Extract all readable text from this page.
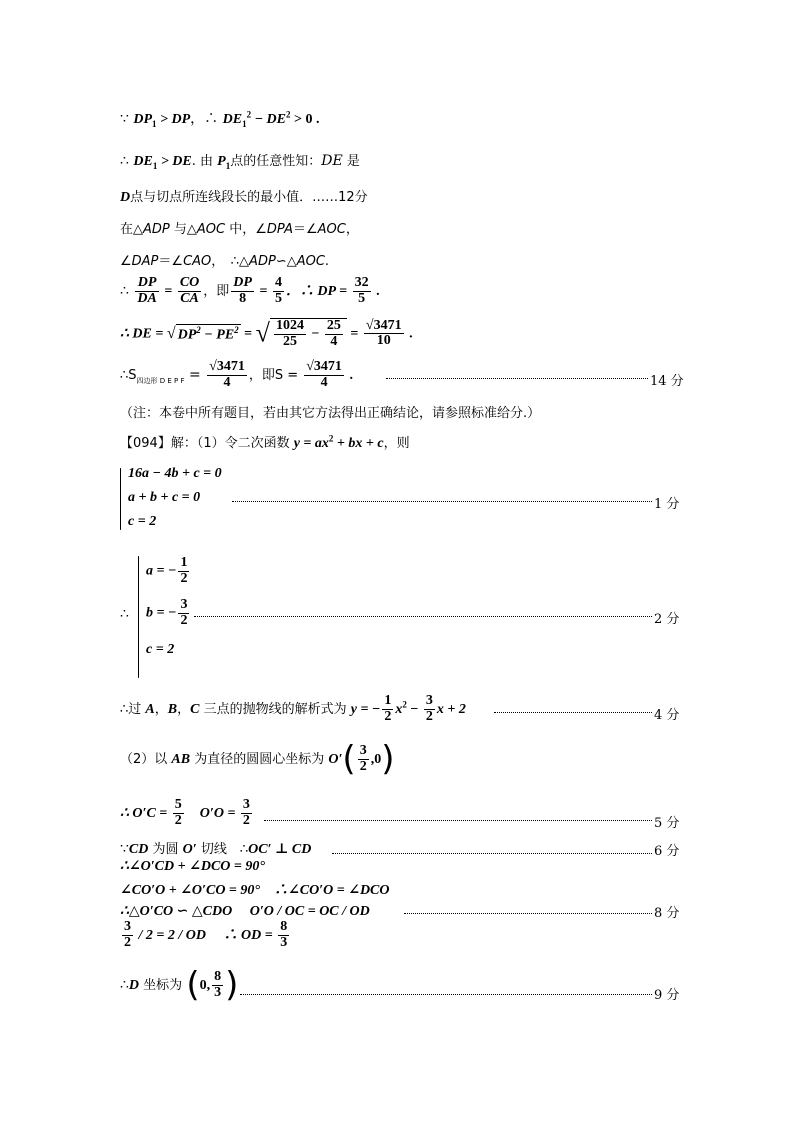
∵ $DP_1$ > DP，∴ $DE_1^2 - DE^2 > 0$ .
∴ $DE_1$ > DE. 由 $P_1$点的任意性知：DE 是
D点与切点所连线段长的最小值．……12分
在△ADP 与△AOC 中，∠DPA＝∠AOC，
∠DAP＝∠CAO，　∴△ADP∽△AOC.
∴ $\frac{DP}{DA} = \frac{CO}{CA}$ ，即 $\frac{DP}{8} = \frac{4}{5}$ ．∴ DP = $\frac{32}{5}$ .
∴ DE = √ $DP^2 - PE^2$ = √ $\frac{1024}{25} - \frac{25}{4} = \frac{√3471}{10}$ .
$\therefore S_{四边形 D E P F} = \frac{√3471}{4}$ ，即$S = \frac{√3471}{4}$ .	14 分
（注：本卷中所有题目，若由其它方法得出正确结论，请参照标准给分.）
【094】解：（1）令二次函数 $y = ax^2$ + bx + c，则
16a − 4b + c = 0
a + b + c = 0
c = 2
1 分
∴
a = − $\frac{1}{2}$
b = − $\frac{3}{2}$
c = 2
2 分
∴过 A，B，C 三点的抛物线的解析式为 y = − $\frac{1}{2} x^2 - \frac{3}{2}$ x + 2	4 分
（2）以 AB 为直径的圆圆心坐标为 $O'( \frac{3}{2} ,0)$
∴ $O'C = \frac{5}{2}$ 　$O'O = \frac{3}{2}$	5 分
∵CD 为圆 O′ 切线　∴OC′ ⊥ CD	6 分
∴∠O′CD + ∠DCO = 90°
∠CO′O + ∠O′CO = 90°　∴∠CO′O = ∠DCO
∴△O′CO ∽ △CDO　 O′O / OC = OC / OD	8 分
$\frac{3}{2} / 2 = 2$ / OD　 ∴ OD = $\frac{8}{3}$
∴D 坐标为 (0, $\frac{8}{3}$ )	9 分
